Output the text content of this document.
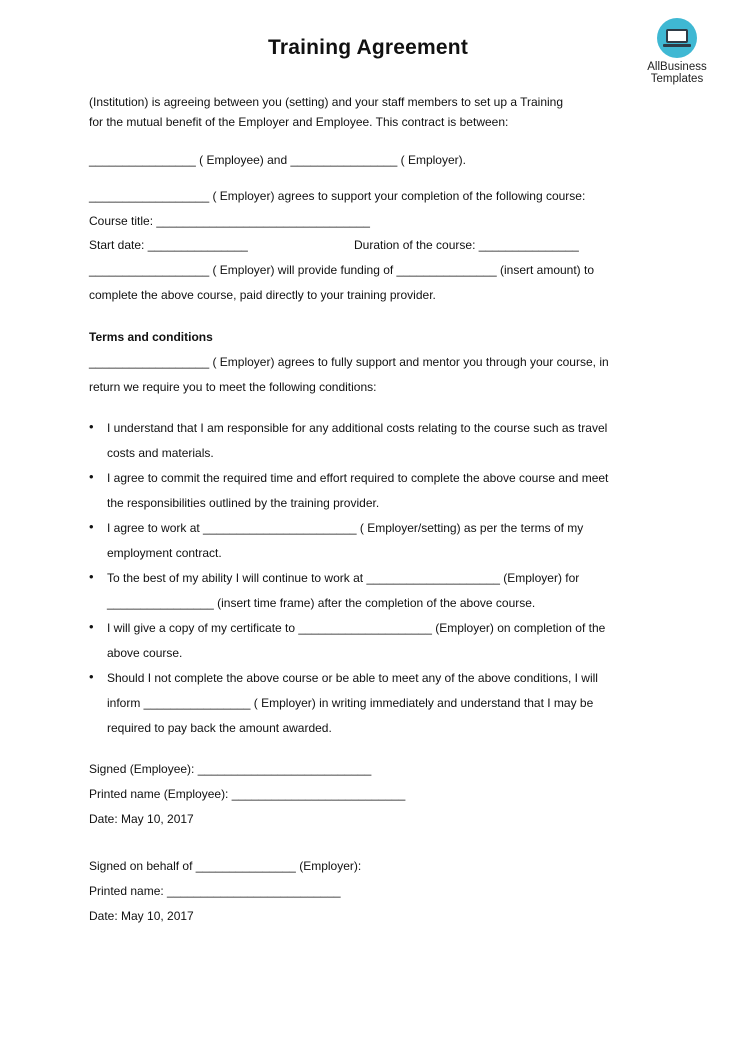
Training Agreement
AllBusiness
Templates
(Institution) is agreeing between you (setting) and your staff members to set up a Training
for the mutual benefit of the Employer and Employee. This contract is between:
________________ ( Employee) and ________________ ( Employer).
__________________ ( Employer) agrees to support your completion of the following course:
Course title: ________________________________
Start date: _______________	Duration of the course: _______________
__________________ ( Employer) will provide funding of _______________ (insert amount) to
complete the above course, paid directly to your training provider.
Terms and conditions
__________________ ( Employer) agrees to fully support and mentor you through your course, in
return we require you to meet the following conditions:
• I understand that I am responsible for any additional costs relating to the course such as travel
costs and materials.
• I agree to commit the required time and effort required to complete the above course and meet
the responsibilities outlined by the training provider.
• I agree to work at _______________________ ( Employer/setting) as per the terms of my
employment contract.
• To the best of my ability I will continue to work at ____________________ (Employer) for
________________ (insert time frame) after the completion of the above course.
• I will give a copy of my certificate to ____________________ (Employer) on completion of the
above course.
• Should I not complete the above course or be able to meet any of the above conditions, I will
inform ________________ ( Employer) in writing immediately and understand that I may be
required to pay back the amount awarded.
Signed (Employee): __________________________
Printed name (Employee): __________________________
Date: May 10, 2017
Signed on behalf of _______________ (Employer):
Printed name: __________________________
Date: May 10, 2017
